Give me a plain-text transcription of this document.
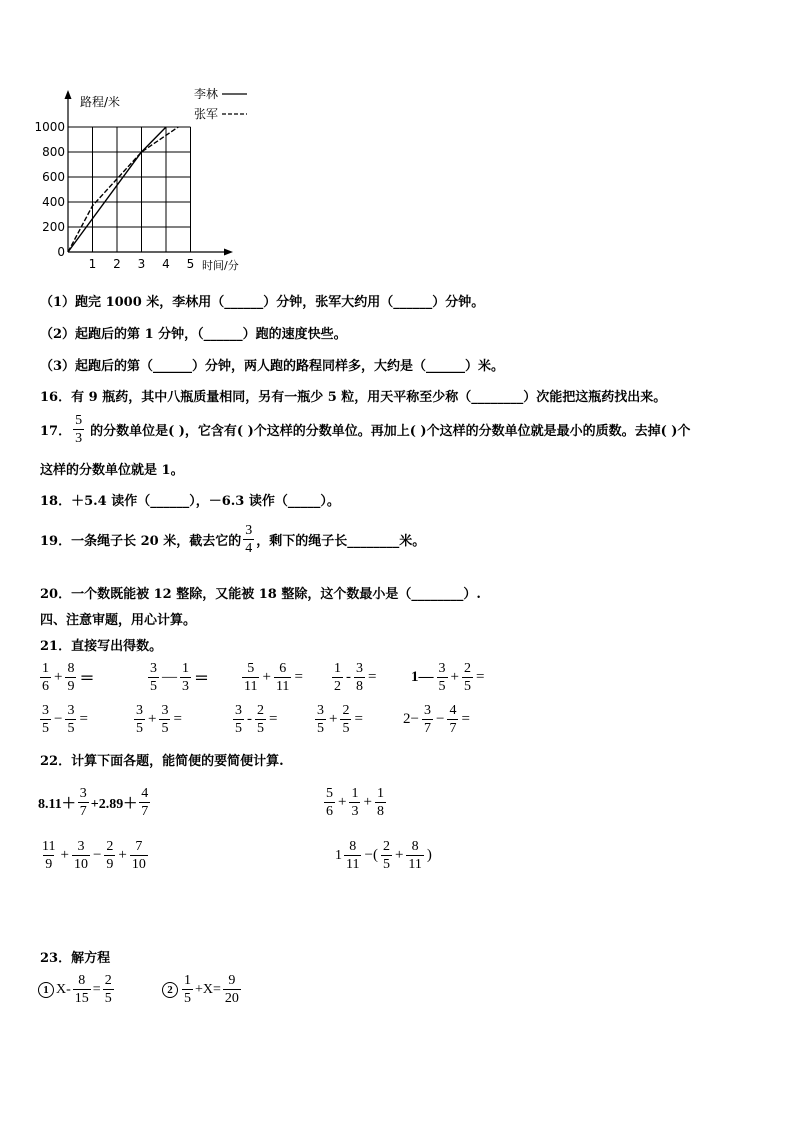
1 2 3 4 5
0
200
400
600
800
1000
路程/米
时间/分
李林
张军
（1）跑完 1000 米，李林用（______）分钟，张军大约用（______）分钟。
（2）起跑后的第 1 分钟，（______）跑的速度快些。
（3）起跑后的第（______）分钟，两人跑的路程同样多，大约是（______）米。
16．有 9 瓶药，其中八瓶质量相同，另有一瓶少 5 粒，用天平称至少称（________）次能把这瓶药找出来。
17． $\frac{5}{3}$ 的分数单位是( )，它含有( )个这样的分数单位。再加上( )个这样的分数单位就是最小的质数。去掉( )个
这样的分数单位就是 1。
18．＋5.4 读作（______），－6.3 读作（_____）。
19．一条绳子长 20 米，截去它的 $\frac{3}{4}$ ，剩下的绳子长________米。
20．一个数既能被 12 整除，又能被 18 整除，这个数最小是（________）.
四、注意审题，用心计算。
21．直接写出得数。
$\frac{1}{6} + \frac{8}{9}$ ＝	$\frac{3}{5}$ — $\frac{1}{3} = \frac{5}{11} + \frac{6}{11} = \frac{1}{2} - \frac{3}{8}$ = 1— $\frac{3}{5} + \frac{2}{5}$ =
$\frac{3}{5} - \frac{3}{5}$ =	$\frac{3}{5} + \frac{3}{5}$ =	$\frac{3}{5} - \frac{2}{5}$ =	$\frac{3}{5} + \frac{2}{5}$ =	$2- \frac{3}{7} - \frac{4}{7}$ =
22．计算下面各题，能简便的要简便计算.
$8.11+ \frac{3}{7} +2.89+ \frac{4}{7}$	$\frac{5}{6} + \frac{1}{3} + \frac{1}{8}$
$\frac{11}{9} + \frac{3}{10} - \frac{2}{9} + \frac{7}{10}$	$1 \frac{8}{11}$ −( $\frac{2}{5} + \frac{8}{11}$ )
23．解方程
1 $X- \frac{8}{15} = \frac{2}{5}$	$2 \frac{1}{5} +X= \frac{9}{20}$
